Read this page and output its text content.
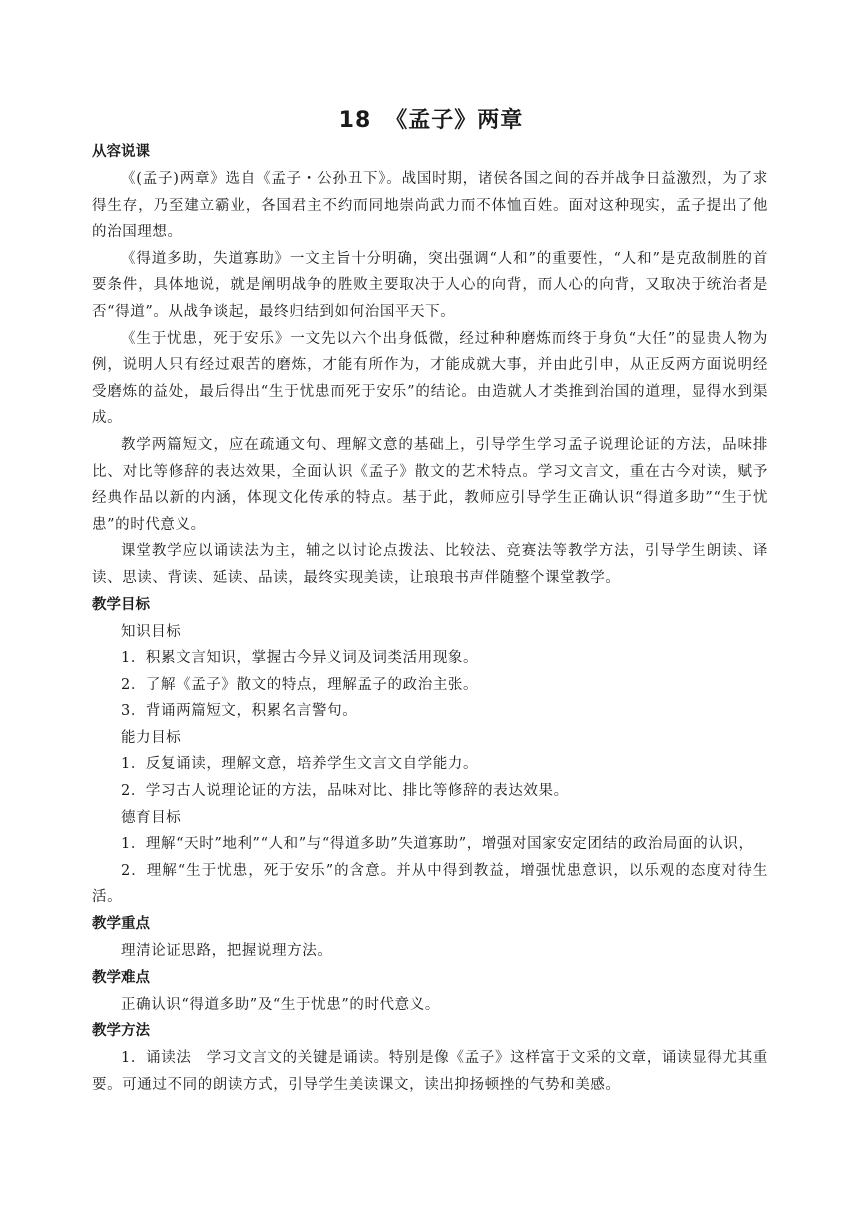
18 《孟子》两章
从容说课
《(孟子)两章》选自《孟子・公孙丑下》。战国时期，诸侯各国之间的吞并战争日益激烈，为了求得生存，乃至建立霸业，各国君主不约而同地崇尚武力而不体恤百姓。面对这种现实，孟子提出了他的治国理想。
《得道多助，失道寡助》一文主旨十分明确，突出强调“人和”的重要性，“人和”是克敌制胜的首要条件，具体地说，就是阐明战争的胜败主要取决于人心的向背，而人心的向背，又取决于统治者是否“得道”。从战争谈起，最终归结到如何治国平天下。
《生于忧患，死于安乐》一文先以六个出身低微，经过种种磨炼而终于身负“大任”的显贵人物为例，说明人只有经过艰苦的磨炼，才能有所作为，才能成就大事，并由此引申，从正反两方面说明经受磨炼的益处，最后得出“生于忧患而死于安乐”的结论。由造就人才类推到治国的道理，显得水到渠成。
教学两篇短文，应在疏通文句、理解文意的基础上，引导学生学习孟子说理论证的方法，品味排比、对比等修辞的表达效果，全面认识《孟子》散文的艺术特点。学习文言文，重在古今对读，赋予经典作品以新的内涵，体现文化传承的特点。基于此，教师应引导学生正确认识“得道多助”“生于忧患”的时代意义。
课堂教学应以诵读法为主，辅之以讨论点拨法、比较法、竞赛法等教学方法，引导学生朗读、译读、思读、背读、延读、品读，最终实现美读，让琅琅书声伴随整个课堂教学。
教学目标
知识目标
1．积累文言知识，掌握古今异义词及词类活用现象。
2．了解《孟子》散文的特点，理解孟子的政治主张。
3．背诵两篇短文，积累名言警句。
能力目标
1．反复诵读，理解文意，培养学生文言文自学能力。
2．学习古人说理论证的方法，品味对比、排比等修辞的表达效果。
德育目标
1．理解“天时”地利”“人和”与“得道多助”失道寡助”，增强对国家安定团结的政治局面的认识，
2．理解“生于忧患，死于安乐”的含意。并从中得到教益，增强忧患意识，以乐观的态度对待生活。
教学重点
理清论证思路，把握说理方法。
教学难点
正确认识“得道多助”及“生于忧患”的时代意义。
教学方法
1．诵读法　学习文言文的关键是诵读。特别是像《孟子》这样富于文采的文章，诵读显得尤其重要。可通过不同的朗读方式，引导学生美读课文，读出抑扬顿挫的气势和美感。
